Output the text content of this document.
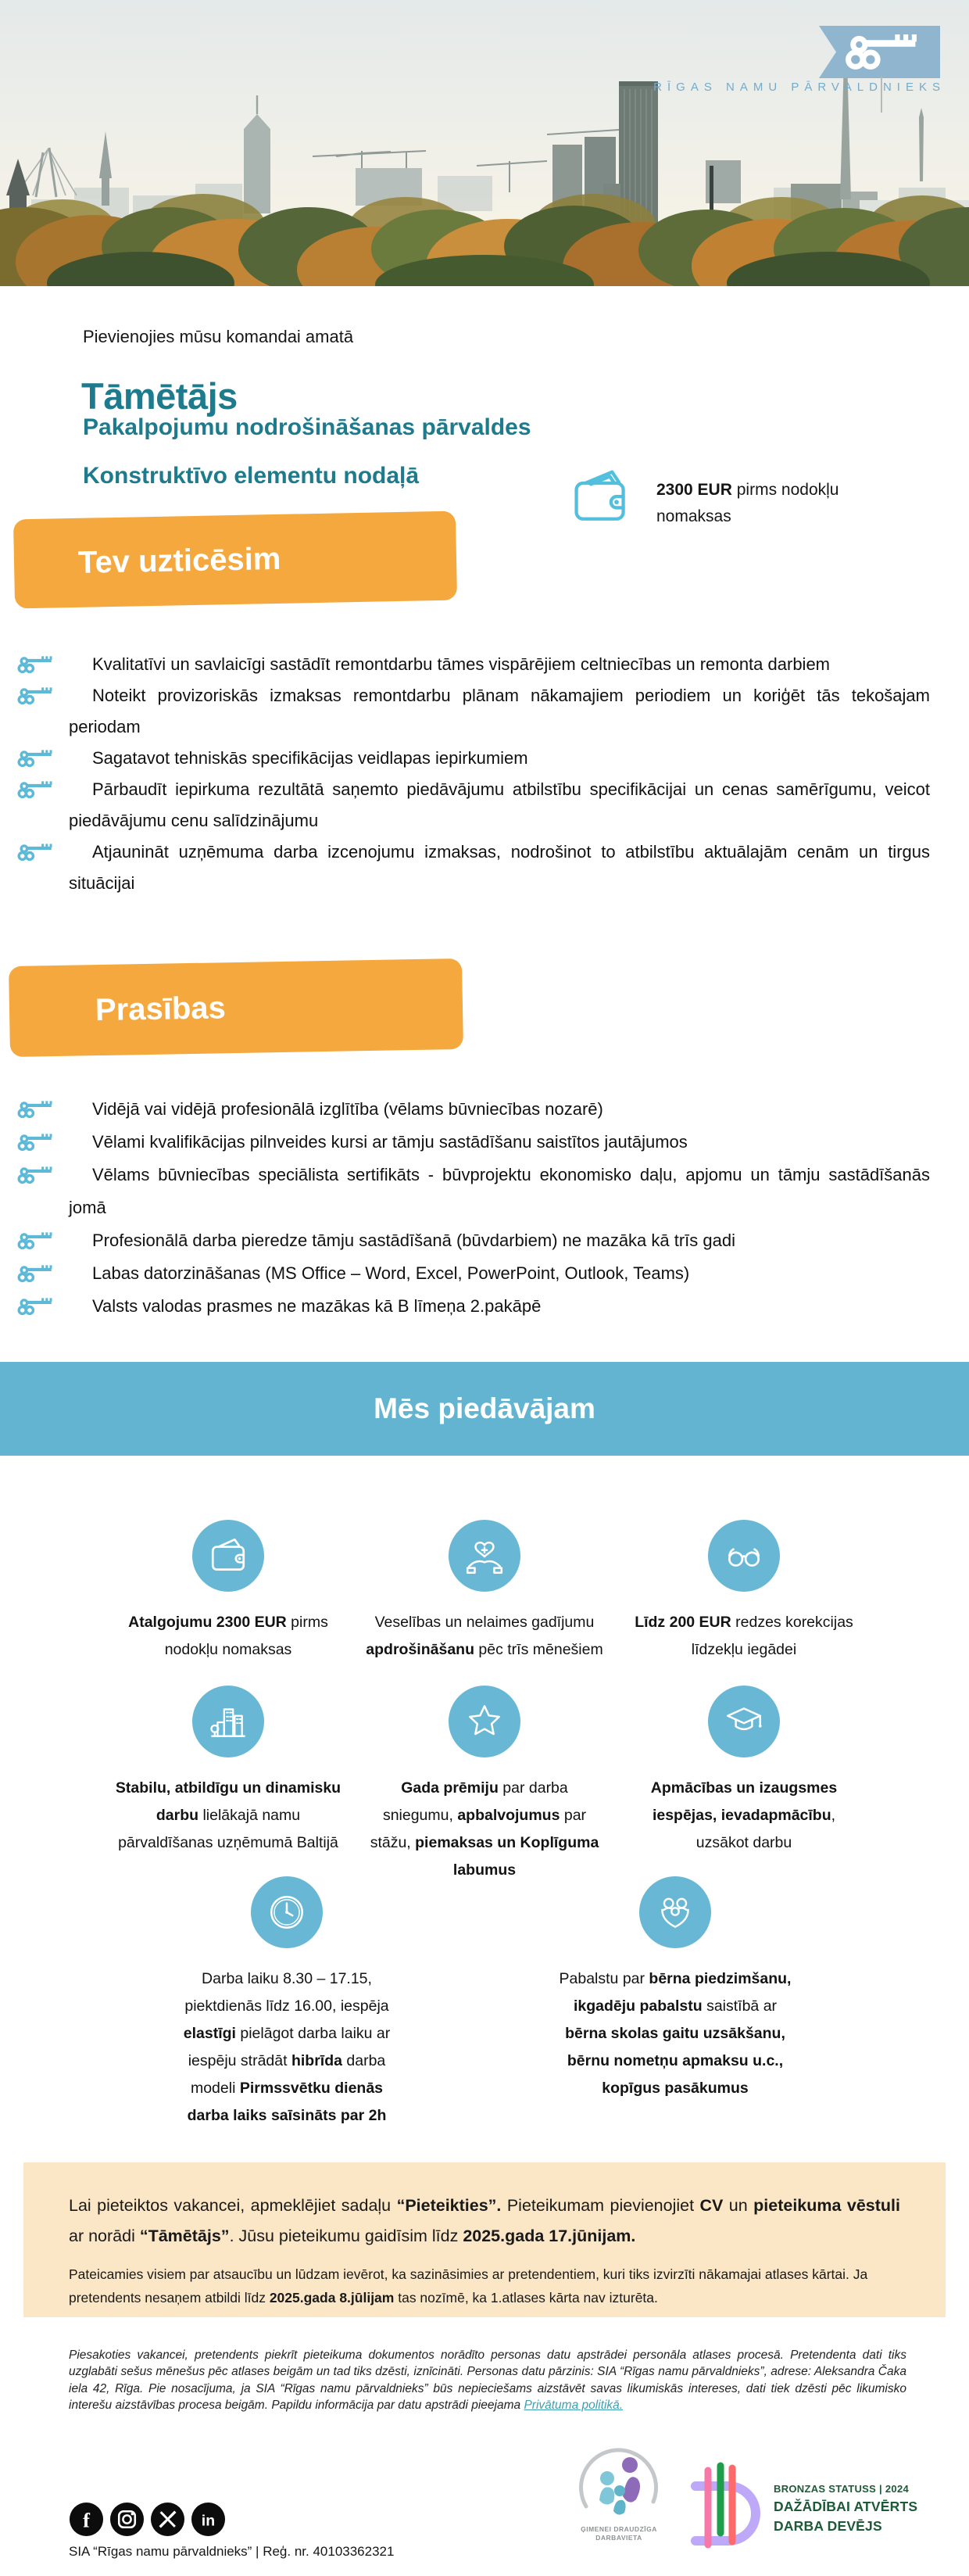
RĪGAS NAMU PĀRVALDNIEKS

Pievienojies mūsu komandai amatā

Tāmētājs
Pakalpojumu nodrošināšanas pārvaldes
Konstruktīvo elementu nodaļā
2300 EUR pirms nodokļu nomaksas
Tev uzticēsim
Kvalitatīvi un savlaicīgi sastādīt remontdarbu tāmes vispārējiem celtniecības un remonta darbiem
Noteikt provizoriskās izmaksas remontdarbu plānam nākamajiem periodiem un koriģēt tās tekošajam periodam
Sagatavot tehniskās specifikācijas veidlapas iepirkumiem
Pārbaudīt iepirkuma rezultātā saņemto piedāvājumu atbilstību specifikācijai un cenas samērīgumu, veicot piedāvājumu cenu salīdzinājumu
Atjaunināt uzņēmuma darba izcenojumu izmaksas, nodrošinot to atbilstību aktuālajām cenām un tirgus situācijai
Prasības
Vidējā vai vidējā profesionālā izglītība (vēlams būvniecības nozarē)
Vēlami kvalifikācijas pilnveides kursi ar tāmju sastādīšanu saistītos jautājumos
Vēlams būvniecības speciālista sertifikāts - būvprojektu ekonomisko daļu, apjomu un tāmju sastādīšanās jomā
Profesionālā darba pieredze tāmju sastādīšanā (būvdarbiem) ne mazāka kā trīs gadi
Labas datorzināšanas (MS Office – Word, Excel, PowerPoint, Outlook, Teams)
Valsts valodas prasmes ne mazākas kā B līmeņa 2.pakāpē
Mēs piedāvājam

Atalgojumu 2300 EUR pirms nodokļu nomaksas

Veselības un nelaimes gadījumu apdrošināšanu pēc trīs mēnešiem

Līdz 200 EUR redzes korekcijas līdzekļu iegādei

Stabilu, atbildīgu un dinamisku darbu lielākajā namu pārvaldīšanas uzņēmumā Baltijā

Gada prēmiju par darba sniegumu, apbalvojumus par stāžu, piemaksas un Koplīguma labumus

Apmācības un izaugsmes iespējas, ievadapmācību, uzsākot darbu

Darba laiku 8.30 – 17.15, piektdienās līdz 16.00, iespēja elastīgi pielāgot darba laiku ar iespēju strādāt hibrīda darba modeli Pirmssvētku dienās darba laiks saīsināts par 2h

Pabalstu par bērna piedzimšanu, ikgadēju pabalstu saistībā ar bērna skolas gaitu uzsākšanu, bērnu nometņu apmaksu u.c., kopīgus pasākumus

Lai pieteiktos vakancei, apmeklējiet sadaļu “Pieteikties”. Pieteikumam pievienojiet CV un pieteikuma vēstuli ar norādi “Tāmētājs”. Jūsu pieteikumu gaidīsim līdz 2025.gada 17.jūnijam.

Pateicamies visiem par atsaucību un lūdzam ievērot, ka sazināsimies ar pretendentiem, kuri tiks izvirzīti nākamajai atlases kārtai. Ja pretendents nesaņem atbildi līdz 2025.gada 8.jūlijam tas nozīmē, ka 1.atlases kārta nav izturēta.

Piesakoties vakancei, pretendents piekrīt pieteikuma dokumentos norādīto personas datu apstrādei personāla atlases procesā. Pretendenta dati tiks uzglabāti sešus mēnešus pēc atlases beigām un tad tiks dzēsti, iznīcināti. Personas datu pārzinis: SIA “Rīgas namu pārvaldnieks”, adrese: Aleksandra Čaka iela 42, Rīga. Pie nosacījuma, ja SIA “Rīgas namu pārvaldnieks” būs nepieciešams aizstāvēt savas likumiskās intereses, dati tiek dzēsti pēc likumisko interešu aizstāvības procesa beigām. Papildu informācija par datu apstrādi pieejama Privātuma politikā.

f	in
SIA “Rīgas namu pārvaldnieks” | Reģ. nr. 40103362321
ĢIMENEI DRAUDZĪGA
DARBAVIETA
BRONZAS STATUSS | 2024
DAŽĀDĪBAI ATVĒRTS
DARBA DEVĒJS
